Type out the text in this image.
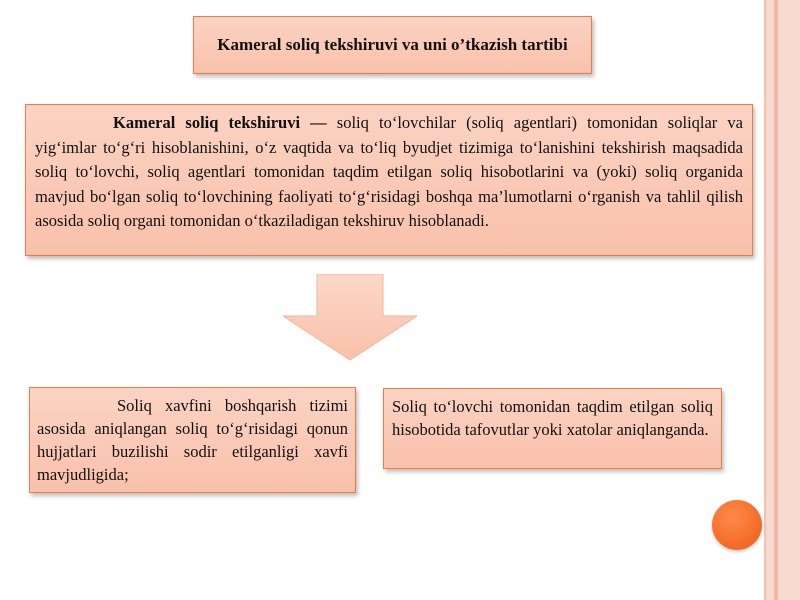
Kameral soliq tekshiruvi va uni o’tkazish tartibi
Kameral soliq tekshiruvi — soliq to‘lovchilar (soliq agentlari) tomonidan soliqlar va yig‘imlar to‘g‘ri hisoblanishini, o‘z vaqtida va to‘liq byudjet tizimiga to‘lanishini tekshirish maqsadida soliq to‘lovchi, soliq agentlari tomonidan taqdim etilgan soliq hisobotlarini va (yoki) soliq organida mavjud bo‘lgan soliq to‘lovchining faoliyati to‘g‘risidagi boshqa ma’lumotlarni o‘rganish va tahlil qilish asosida soliq organi tomonidan o‘tkaziladigan tekshiruv hisoblanadi.
Soliq xavfini boshqarish tizimi asosida aniqlangan soliq to‘g‘risidagi qonun hujjatlari buzilishi sodir etilganligi xavfi mavjudligida;
Soliq to‘lovchi tomonidan taqdim etilgan soliq hisobotida tafovutlar yoki xatolar aniqlanganda.
